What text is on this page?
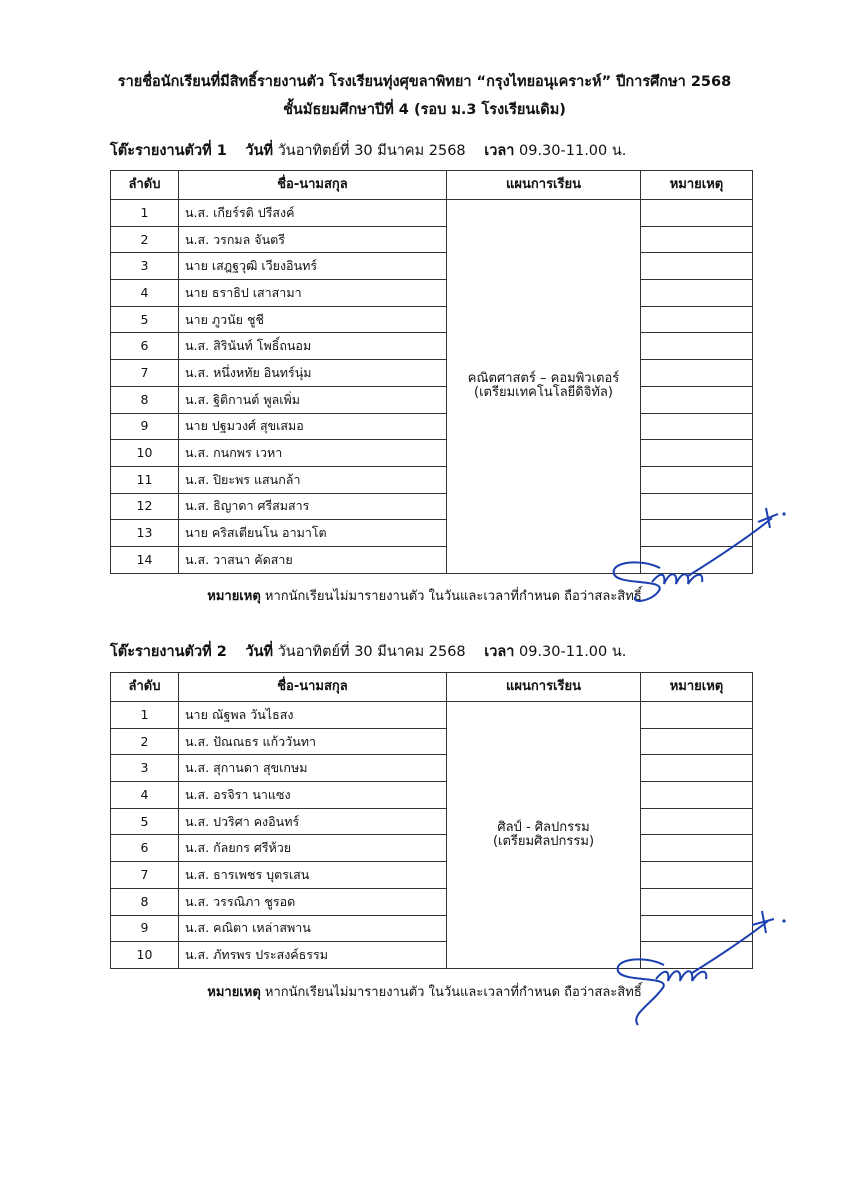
รายชื่อนักเรียนที่มีสิทธิ์รายงานตัว โรงเรียนทุ่งศุขลาพิทยา “กรุงไทยอนุเคราะห์” ปีการศึกษา 2568
ชั้นมัธยมศึกษาปีที่ 4 (รอบ ม.3 โรงเรียนเดิม)
โต๊ะรายงานตัวที่ 1 วันที่ วันอาทิตย์ที่ 30 มีนาคม 2568 เวลา 09.30-11.00 น.
ลำดับ	ชื่อ-นามสกุล	แผนการเรียน	หมายเหตุ
1	น.ส. เกียร์รติ ปรีสงค์	คณิตศาสตร์ – คอมพิวเตอร์
(เตรียมเทคโนโลยีดิจิทัล)	

2	น.ส. วรกมล จันตรี		
3	นาย เสฎฐวุฒิ เวียงอินทร์		
4	นาย ธราธิป เสาสามา		
5	นาย ภูวนัย ชูชี		
6	น.ส. สิรินันท์ โพธิ์ถนอม		
7	น.ส. หนึ่งหทัย อินทร์นุ่ม		
8	น.ส. ฐิติกานต์ พูลเพิ่ม		
9	นาย ปฐมวงศ์ สุขเสมอ		
10	น.ส. กนกพร เวหา		
11	น.ส. ปิยะพร แสนกล้า		
12	น.ส. ธิญาดา ศรีสมสาร		
13	นาย คริสเตียนโน อามาโต		
14	น.ส. วาสนา คัดสาย		
หมายเหตุ หากนักเรียนไม่มารายงานตัว ในวันและเวลาที่กำหนด ถือว่าสละสิทธิ์
โต๊ะรายงานตัวที่ 2 วันที่ วันอาทิตย์ที่ 30 มีนาคม 2568 เวลา 09.30-11.00 น.
ลำดับ	ชื่อ-นามสกุล	แผนการเรียน	หมายเหตุ
1	นาย ณัฐพล วันไธสง	ศิลป์ - ศิลปกรรม
(เตรียมศิลปกรรม)	

2	น.ส. ปัณณธร แก้ววันทา		
3	น.ส. สุกานดา สุขเกษม		
4	น.ส. อรจิรา นาแซง		
5	น.ส. ปวริศา คงอินทร์		
6	น.ส. กัลยกร ศรีห้วย		
7	น.ส. ธารเพชร บุตรเสน		
8	น.ส. วรรณิภา ชูรอด		
9	น.ส. คณิตา เหล่าสพาน		
10	น.ส. ภัทรพร ประสงค์ธรรม		
หมายเหตุ หากนักเรียนไม่มารายงานตัว ในวันและเวลาที่กำหนด ถือว่าสละสิทธิ์
